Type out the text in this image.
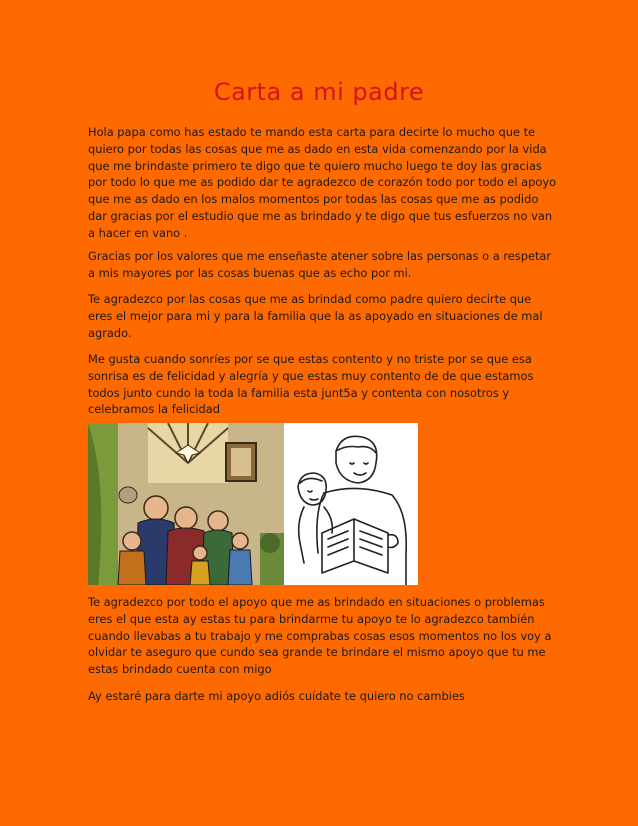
Carta a mi padre

Hola papa como has estado te mando esta carta para decirte lo mucho que te quiero por todas las cosas que me as dado en esta vida comenzando por la vida que me brindaste primero te digo que te quiero mucho luego te doy las gracias por todo lo que me as podido dar te agradezco de corazón todo por todo el apoyo que me as dado en los malos momentos por todas las cosas que me as podido dar gracias por el estudio que me as brindado y te digo que tus esfuerzos no van a hacer en vano .

Gracias por los valores que me enseñaste atener sobre las personas o a respetar a mis mayores por las cosas buenas que as echo por mi.

Te agradezco por las cosas que me as brindad como padre quiero decirte que eres el mejor para mi y para la familia que la as apoyado en situaciones de mal agrado.

Me gusta cuando sonríes por se que estas contento y no triste por se que esa sonrisa es de felicidad y alegría y que estas muy contento de de que estamos todos junto cundo la toda la familia esta junt5a y contenta con nosotros y celebramos la felicidad

Te agradezco por todo el apoyo que me as brindado en situaciones o problemas eres el que esta ay estas tu para brindarme tu apoyo te lo agradezco también cuando llevabas a tu trabajo y me comprabas cosas esos momentos no los voy a olvidar te aseguro que cundo sea grande te brindare el mismo apoyo que tu me estas brindado cuenta con migo

Ay estaré para darte mi apoyo adiós cuídate te quiero no cambies
